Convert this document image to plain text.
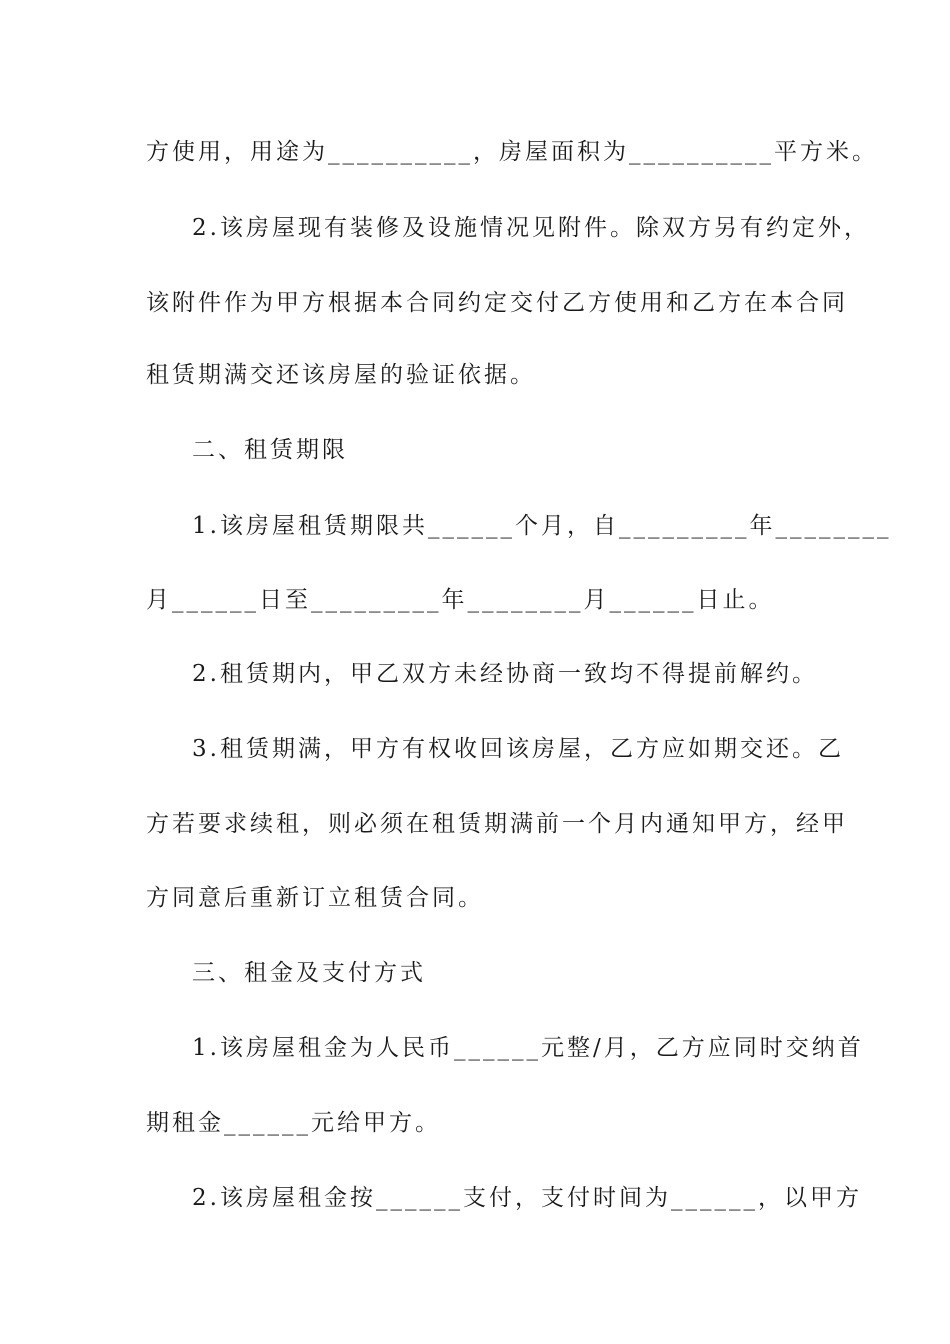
方使用，用途为__________，房屋面积为__________平方米。
2.该房屋现有装修及设施情况见附件。除双方另有约定外，
该附件作为甲方根据本合同约定交付乙方使用和乙方在本合同
租赁期满交还该房屋的验证依据。
二、租赁期限
1.该房屋租赁期限共______个月，自_________年________
月______日至_________年________月______日止。
2.租赁期内，甲乙双方未经协商一致均不得提前解约。
3.租赁期满，甲方有权收回该房屋，乙方应如期交还。乙
方若要求续租，则必须在租赁期满前一个月内通知甲方，经甲
方同意后重新订立租赁合同。
三、租金及支付方式
1.该房屋租金为人民币______元整/月，乙方应同时交纳首
期租金______元给甲方。
2.该房屋租金按______支付，支付时间为______，以甲方
